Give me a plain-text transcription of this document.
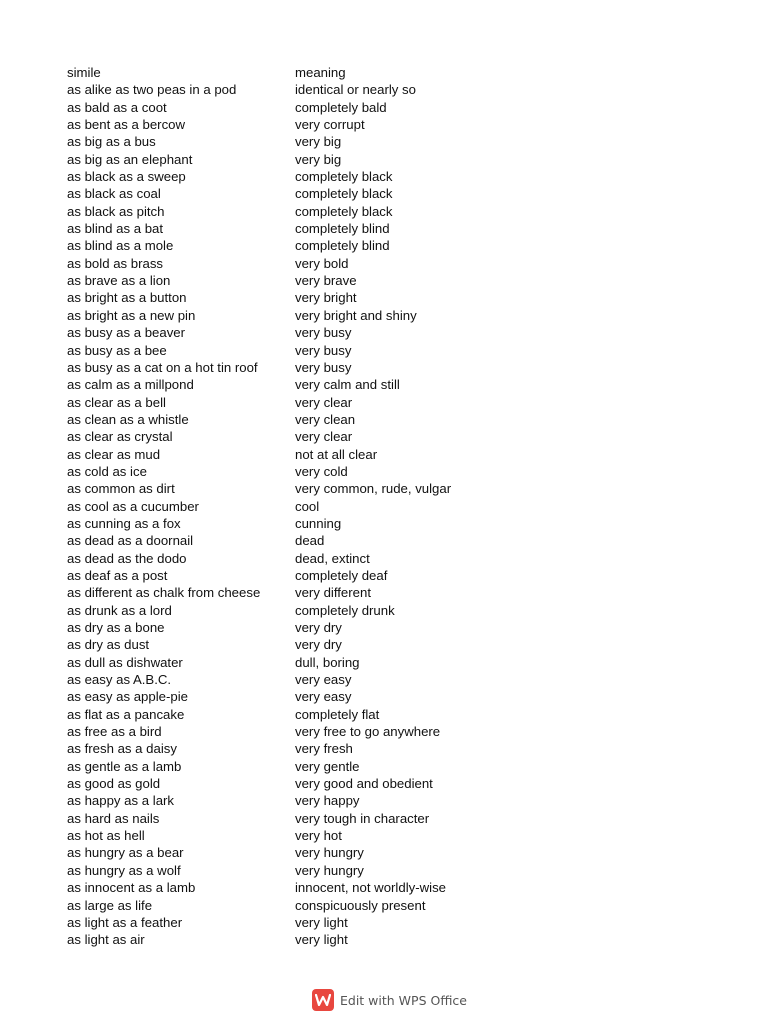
simile	meaning
as alike as two peas in a pod	identical or nearly so
as bald as a coot	completely bald
as bent as a bercow	very corrupt
as big as a bus	very big
as big as an elephant	very big
as black as a sweep	completely black
as black as coal	completely black
as black as pitch	completely black
as blind as a bat	completely blind
as blind as a mole	completely blind
as bold as brass	very bold
as brave as a lion	very brave
as bright as a button	very bright
as bright as a new pin	very bright and shiny
as busy as a beaver	very busy
as busy as a bee	very busy
as busy as a cat on a hot tin roof	very busy
as calm as a millpond	very calm and still
as clear as a bell	very clear
as clean as a whistle	very clean
as clear as crystal	very clear
as clear as mud	not at all clear
as cold as ice	very cold
as common as dirt	very common, rude, vulgar
as cool as a cucumber	cool
as cunning as a fox	cunning
as dead as a doornail	dead
as dead as the dodo	dead, extinct
as deaf as a post	completely deaf
as different as chalk from cheese	very different
as drunk as a lord	completely drunk
as dry as a bone	very dry
as dry as dust	very dry
as dull as dishwater	dull, boring
as easy as A.B.C.	very easy
as easy as apple-pie	very easy
as flat as a pancake	completely flat
as free as a bird	very free to go anywhere
as fresh as a daisy	very fresh
as gentle as a lamb	very gentle
as good as gold	very good and obedient
as happy as a lark	very happy
as hard as nails	very tough in character
as hot as hell	very hot
as hungry as a bear	very hungry
as hungry as a wolf	very hungry
as innocent as a lamb	innocent, not worldly-wise
as large as life	conspicuously present
as light as a feather	very light
as light as air	very light
Edit with WPS Office
